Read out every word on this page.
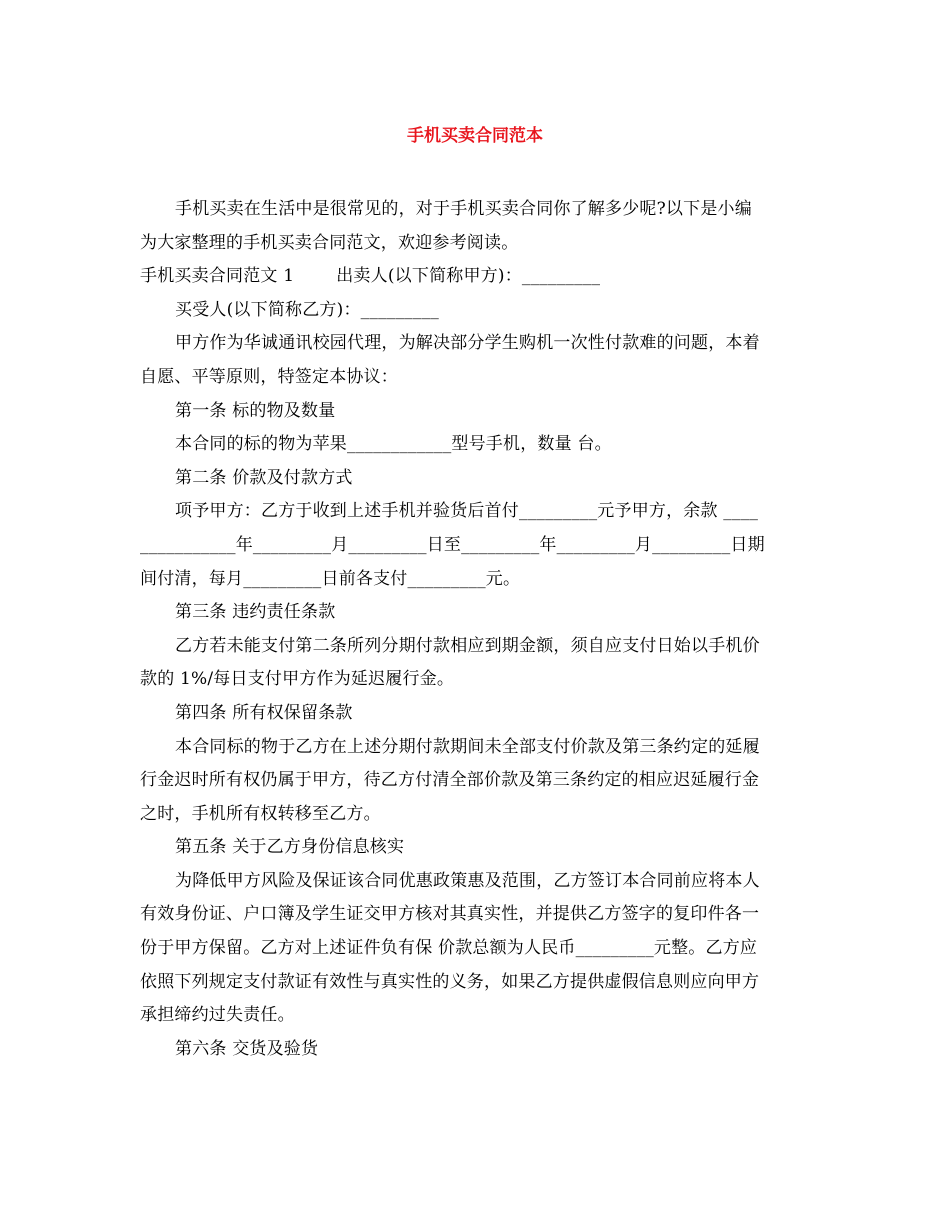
手机买卖合同范本

手机买卖在生活中是很常见的，对于手机买卖合同你了解多少呢?以下是小编

为大家整理的手机买卖合同范文，欢迎参考阅读。

手机买卖合同范文 1 出卖人(以下简称甲方)：_________

买受人(以下简称乙方)：_________

甲方作为华诚通讯校园代理，为解决部分学生购机一次性付款难的问题，本着

自愿、平等原则，特签定本协议：

第一条 标的物及数量

本合同的标的物为苹果____________型号手机，数量 台。

第二条 价款及付款方式

项予甲方：乙方于收到上述手机并验货后首付_________元予甲方，余款 ____

___________年_________月_________日至_________年_________月_________日期

间付清，每月_________日前各支付_________元。

第三条 违约责任条款

乙方若未能支付第二条所列分期付款相应到期金额，须自应支付日始以手机价

款的 1%/每日支付甲方作为延迟履行金。

第四条 所有权保留条款

本合同标的物于乙方在上述分期付款期间未全部支付价款及第三条约定的延履

行金迟时所有权仍属于甲方，待乙方付清全部价款及第三条约定的相应迟延履行金

之时，手机所有权转移至乙方。

第五条 关于乙方身份信息核实

为降低甲方风险及保证该合同优惠政策惠及范围，乙方签订本合同前应将本人

有效身份证、户口簿及学生证交甲方核对其真实性，并提供乙方签字的复印件各一

份于甲方保留。乙方对上述证件负有保 价款总额为人民币_________元整。乙方应

依照下列规定支付款证有效性与真实性的义务，如果乙方提供虚假信息则应向甲方

承担缔约过失责任。

第六条 交货及验货
